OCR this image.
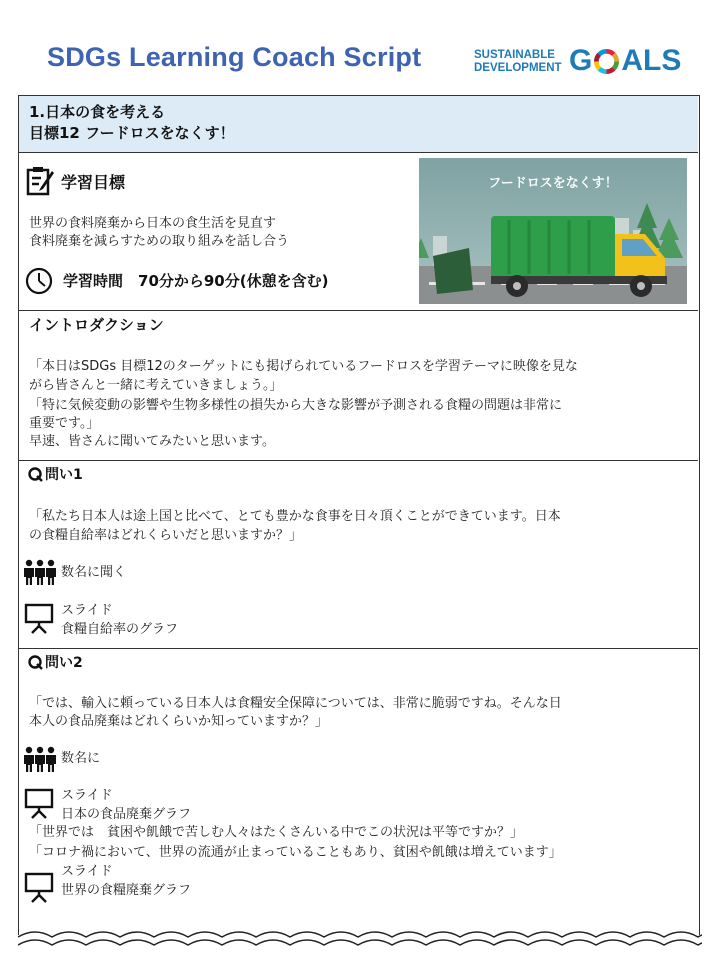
SDGs Learning Coach Script	SUSTAINABLE
DEVELOPMENT G ALS
1.日本の食を考える
目標12 フードロスをなくす！
学習目標
世界の食料廃棄から日本の食生活を見直す
食料廃棄を減らすための取り組みを話し合う
学習時間　70分から90分(休憩を含む)
フードロスをなくす！
イントロダクション
「本日はSDGs 目標12のターゲットにも掲げられているフードロスを学習テーマに映像を見な
がら皆さんと一緒に考えていきましょう。」
「特に気候変動の影響や生物多様性の損失から大きな影響が予測される食糧の問題は非常に
重要です。」
早速、皆さんに聞いてみたいと思います。
問い1
「私たち日本人は途上国と比べて、とても豊かな食事を日々頂くことができています。日本
の食糧自給率はどれくらいだと思いますか？」
数名に聞く
スライド
食糧自給率のグラフ
問い2
「では、輸入に頼っている日本人は食糧安全保障については、非常に脆弱ですね。そんな日
本人の食品廃棄はどれくらいか知っていますか？」
数名に
スライド
日本の食品廃棄グラフ
「世界では　貧困や飢餓で苦しむ人々はたくさんいる中でこの状況は平等ですか？」
「コロナ禍において、世界の流通が止まっていることもあり、貧困や飢餓は増えています」
スライド
世界の食糧廃棄グラフ
